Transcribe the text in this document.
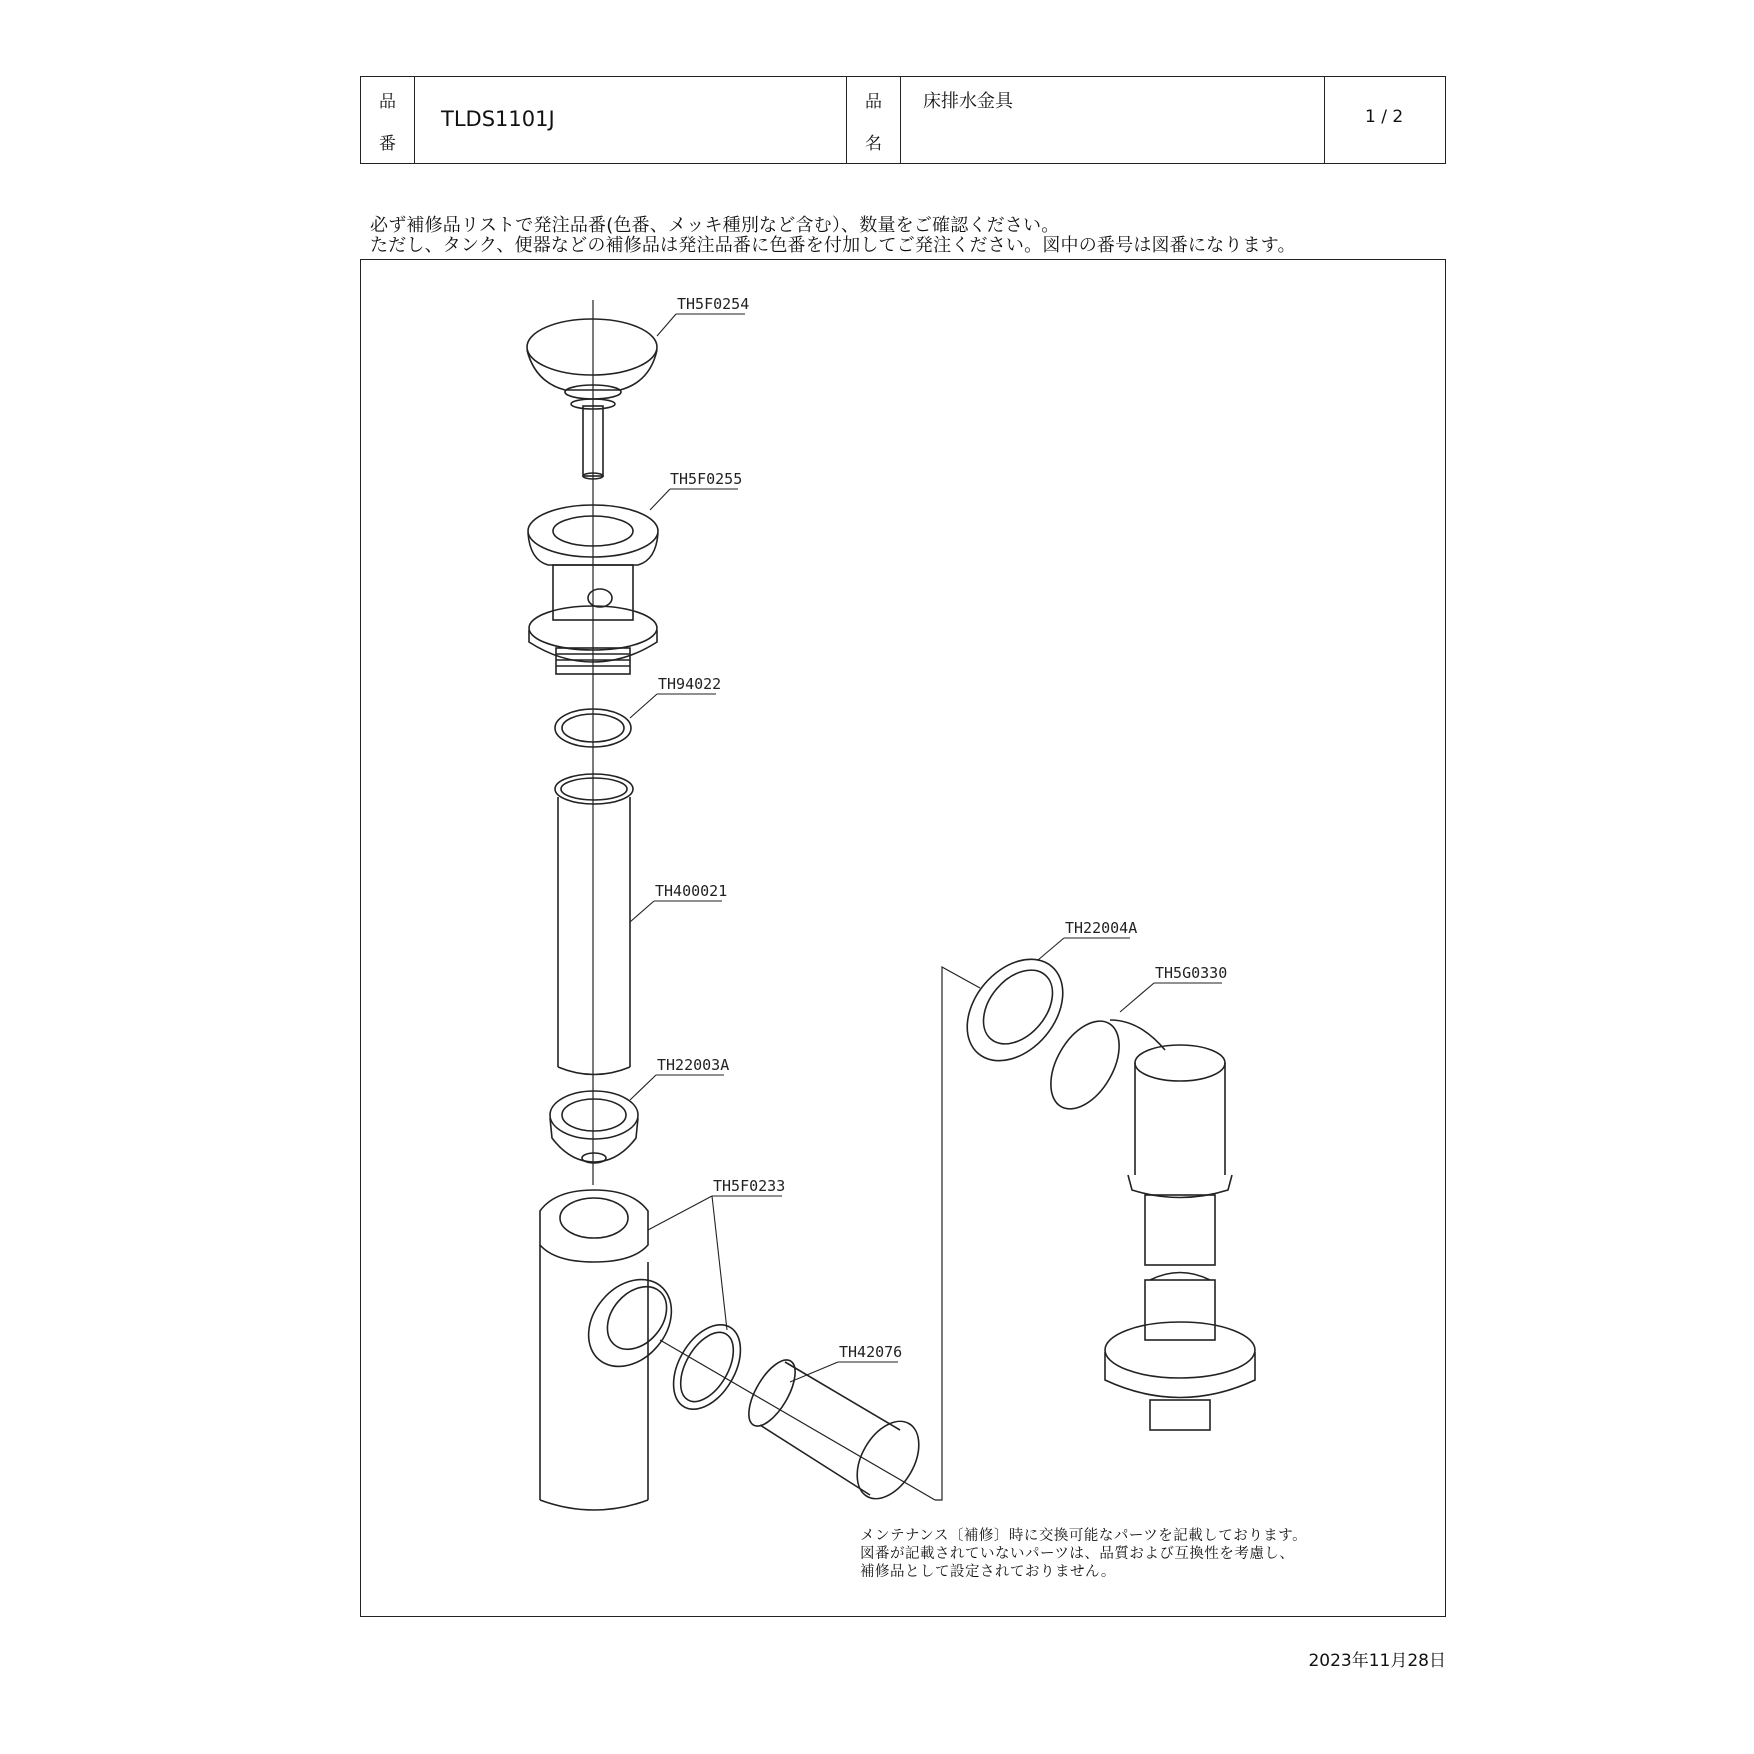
品
番
TLDS1101J
品
名
床排水金具
1 / 2
必ず補修品リストで発注品番(色番、メッキ種別など含む）、数量をご確認ください。
ただし、タンク、便器などの補修品は発注品番に色番を付加してご発注ください。図中の番号は図番になります。
TH5F0254
TH5F0255
TH94022
TH400021
TH22003A
TH5F0233
TH42076
TH22004A
TH5G0330
メンテナンス〔補修〕時に交換可能なパーツを記載しております。
図番が記載されていないパーツは、品質および互換性を考慮し、
補修品として設定されておりません。
2023年11月28日
